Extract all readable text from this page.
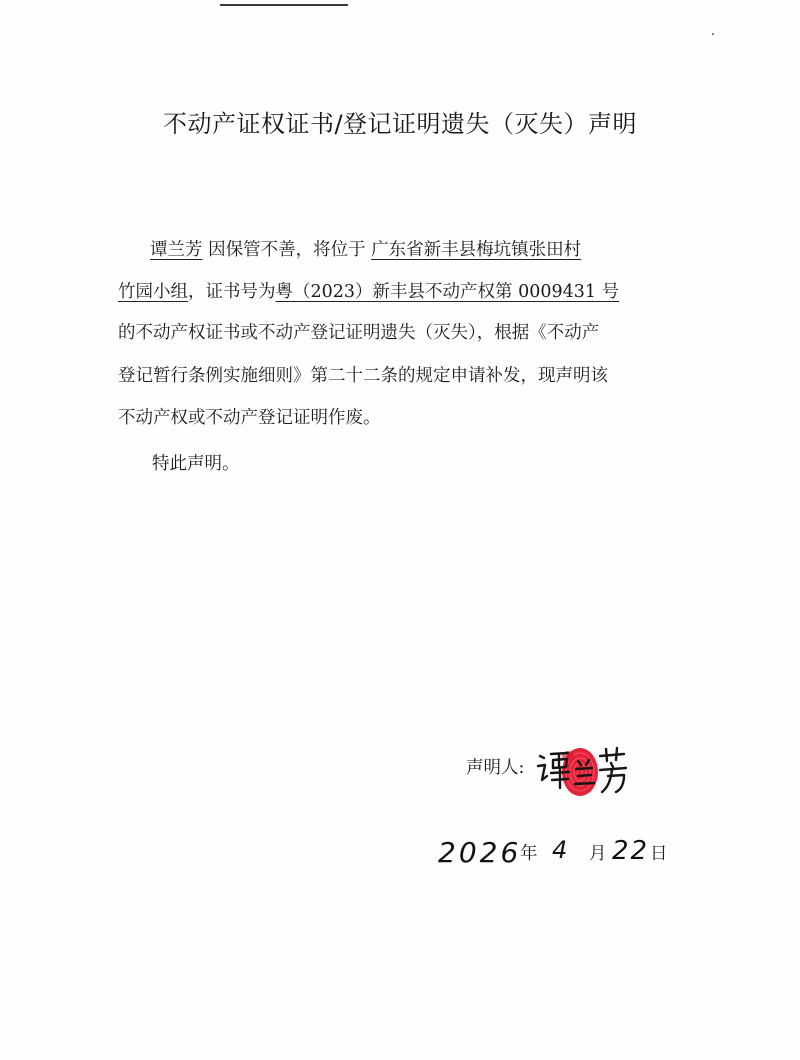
不动产证权证书/登记证明遗失（灭失）声明
谭兰芳 因保管不善，将位于 广东省新丰县梅坑镇张田村
竹园小组，证书号为粤（2023）新丰县不动产权第 0009431 号
的不动产权证书或不动产登记证明遗失（灭失），根据《不动产
登记暂行条例实施细则》第二十二条的规定申请补发，现声明该
不动产权或不动产登记证明作废。
特此声明。
声明人:
2026
年 4 月 22 日
